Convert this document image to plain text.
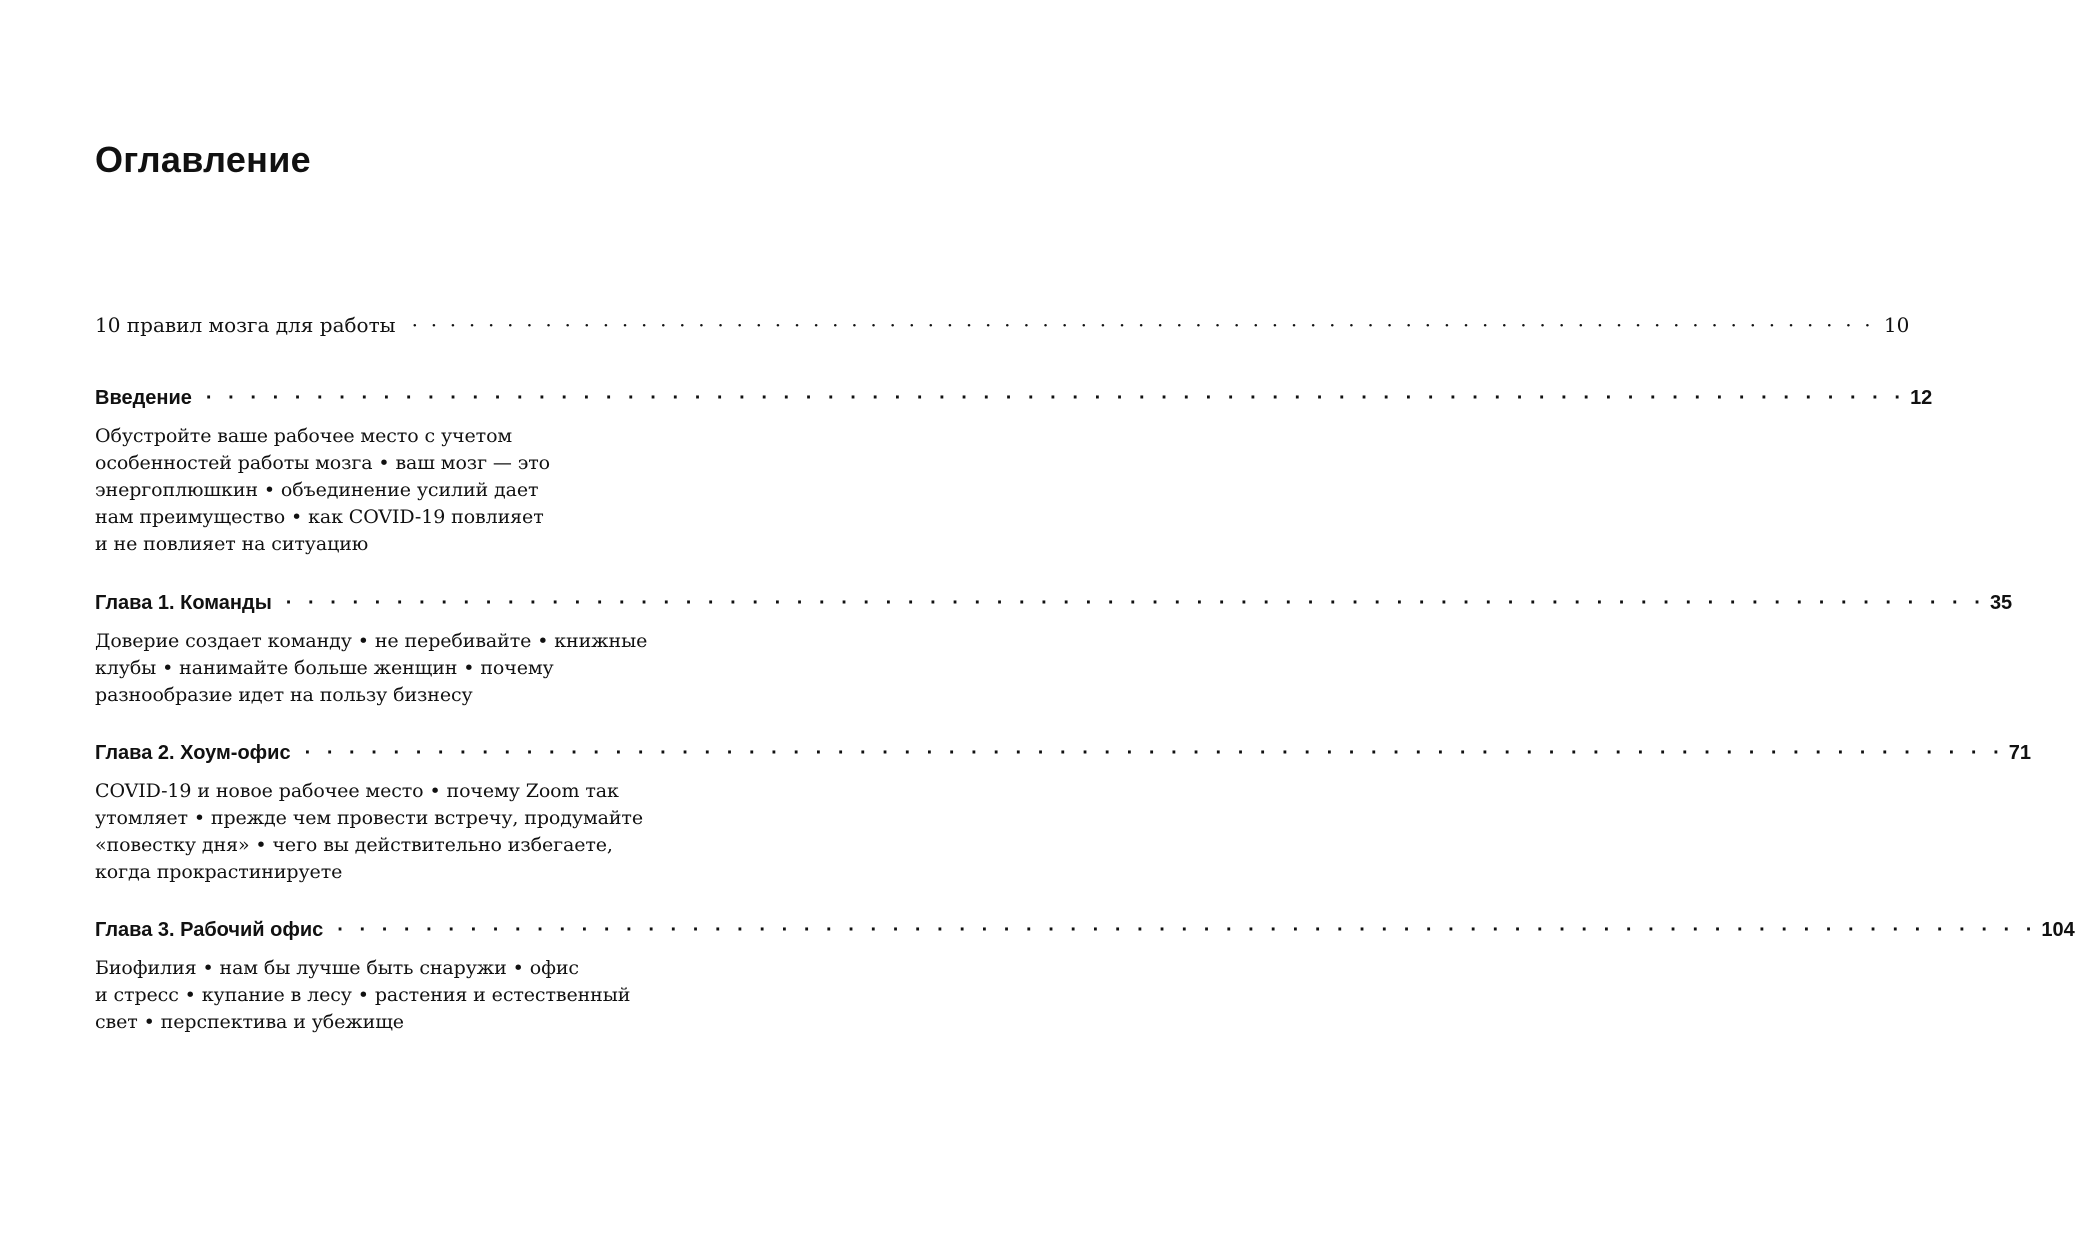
Оглавление
10 правил мозга для работы · · · · · · · · · · · · · · · · · · · · · · · · · · · · · · · · · · · · · · · · · · · · · · · · · · · · · · · · · · · · · · · · · · · · · · · · · · · · · 10
Введение · · · · · · · · · · · · · · · · · · · · · · · · · · · · · · · · · · · · · · · · · · · · · · · · · · · · · · · · · · · · · · · · · · · · · · · · · · · · · 12
Обустройте ваше рабочее место с учетом
особенностей работы мозга • ваш мозг — это
энергоплюшкин • объединение усилий дает
нам преимущество • как COVID-19 повлияет
и не повлияет на ситуацию
Глава 1. Команды · · · · · · · · · · · · · · · · · · · · · · · · · · · · · · · · · · · · · · · · · · · · · · · · · · · · · · · · · · · · · · · · · · · · · · · · · · · · · 35
Доверие создает команду • не перебивайте • книжные
клубы • нанимайте больше женщин • почему
разнообразие идет на пользу бизнесу
Глава 2. Хоум-офис · · · · · · · · · · · · · · · · · · · · · · · · · · · · · · · · · · · · · · · · · · · · · · · · · · · · · · · · · · · · · · · · · · · · · · · · · · · · · 71
COVID-19 и новое рабочее место • почему Zoom так
утомляет • прежде чем провести встречу, продумайте
«повестку дня» • чего вы действительно избегаете,
когда прокрастинируете
Глава 3. Рабочий офис · · · · · · · · · · · · · · · · · · · · · · · · · · · · · · · · · · · · · · · · · · · · · · · · · · · · · · · · · · · · · · · · · · · · · · · · · · · · · 104
Биофилия • нам бы лучше быть снаружи • офис
и стресс • купание в лесу • растения и естественный
свет • перспектива и убежище
